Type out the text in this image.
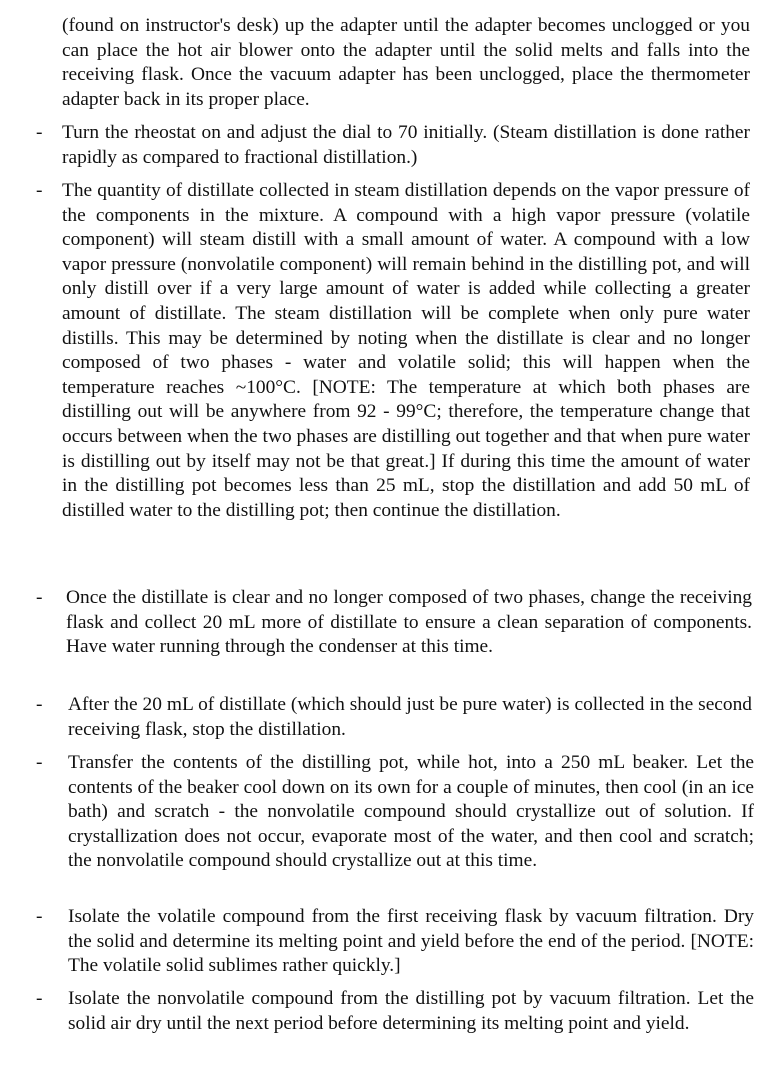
(found on instructor's desk) up the adapter until the adapter becomes unclogged or you can place the hot air blower onto the adapter until the solid melts and falls into the receiving flask. Once the vacuum adapter has been unclogged, place the thermometer adapter back in its proper place.

- Turn the rheostat on and adjust the dial to 70 initially. (Steam distillation is done rather rapidly as compared to fractional distillation.)

- The quantity of distillate collected in steam distillation depends on the vapor pressure of the components in the mixture. A compound with a high vapor pressure (volatile component) will steam distill with a small amount of water. A compound with a low vapor pressure (nonvolatile component) will remain behind in the distilling pot, and will only distill over if a very large amount of water is added while collecting a greater amount of distillate. The steam distillation will be complete when only pure water distills. This may be determined by noting when the distillate is clear and no longer composed of two phases - water and volatile solid; this will happen when the temperature reaches ~100°C. [NOTE: The temperature at which both phases are distilling out will be anywhere from 92 - 99°C; therefore, the temperature change that occurs between when the two phases are distilling out together and that when pure water is distilling out by itself may not be that great.] If during this time the amount of water in the distilling pot becomes less than 25 mL, stop the distillation and add 50 mL of distilled water to the distilling pot; then continue the distillation.

- Once the distillate is clear and no longer composed of two phases, change the receiving flask and collect 20 mL more of distillate to ensure a clean separation of components. Have water running through the condenser at this time.

- After the 20 mL of distillate (which should just be pure water) is collected in the second receiving flask, stop the distillation.

- Transfer the contents of the distilling pot, while hot, into a 250 mL beaker. Let the contents of the beaker cool down on its own for a couple of minutes, then cool (in an ice bath) and scratch - the nonvolatile compound should crystallize out of solution. If crystallization does not occur, evaporate most of the water, and then cool and scratch; the nonvolatile compound should crystallize out at this time.

- Isolate the volatile compound from the first receiving flask by vacuum filtration. Dry the solid and determine its melting point and yield before the end of the period. [NOTE: The volatile solid sublimes rather quickly.]

- Isolate the nonvolatile compound from the distilling pot by vacuum filtration. Let the solid air dry until the next period before determining its melting point and yield.
